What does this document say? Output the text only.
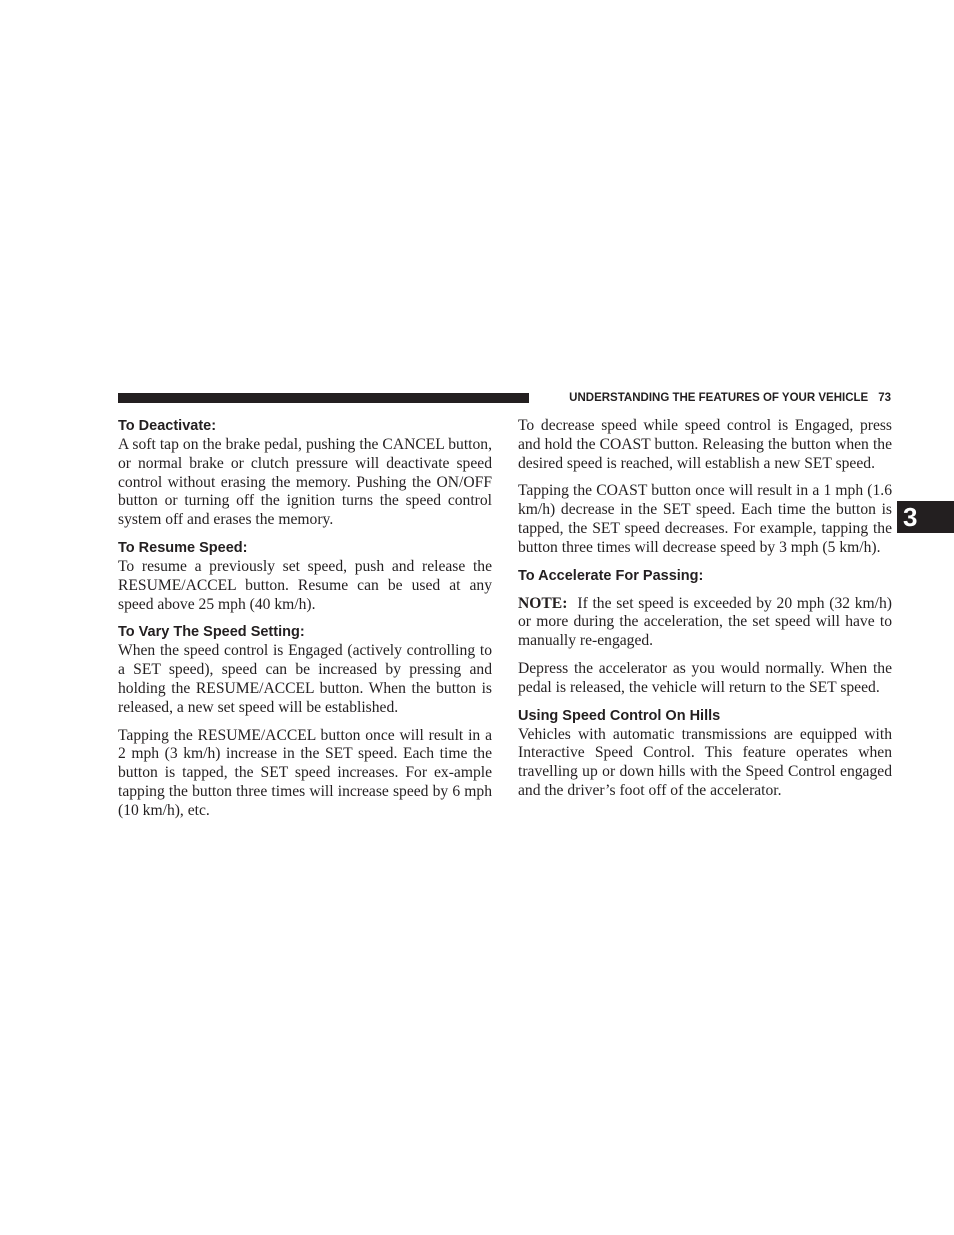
UNDERSTANDING THE FEATURES OF YOUR VEHICLE 73
3
To Deactivate:

A soft tap on the brake pedal, pushing the CANCEL button, or normal brake or clutch pressure will deactivate speed control without erasing the memory. Pushing the ON/OFF button or turning off the ignition turns the speed control system off and erases the memory.

To Resume Speed:

To resume a previously set speed, push and release the RESUME/ACCEL button. Resume can be used at any speed above 25 mph (40 km/h).

To Vary The Speed Setting:

When the speed control is Engaged (actively controlling to a SET speed), speed can be increased by pressing and holding the RESUME/ACCEL button. When the button is released, a new set speed will be established.

Tapping the RESUME/ACCEL button once will result in a 2 mph (3 km/h) increase in the SET speed. Each time the button is tapped, the SET speed increases. For ex-ample tapping the button three times will increase speed by 6 mph (10 km/h), etc.

To decrease speed while speed control is Engaged, press and hold the COAST button. Releasing the button when the desired speed is reached, will establish a new SET speed.

Tapping the COAST button once will result in a 1 mph (1.6 km/h) decrease in the SET speed. Each time the button is tapped, the SET speed decreases. For example, tapping the button three times will decrease speed by 3 mph (5 km/h).

To Accelerate For Passing:

NOTE: If the set speed is exceeded by 20 mph (32 km/h) or more during the acceleration, the set speed will have to manually re-engaged.

Depress the accelerator as you would normally. When the pedal is released, the vehicle will return to the SET speed.

Using Speed Control On Hills

Vehicles with automatic transmissions are equipped with Interactive Speed Control. This feature operates when travelling up or down hills with the Speed Control engaged and the driver’s foot off of the accelerator.
